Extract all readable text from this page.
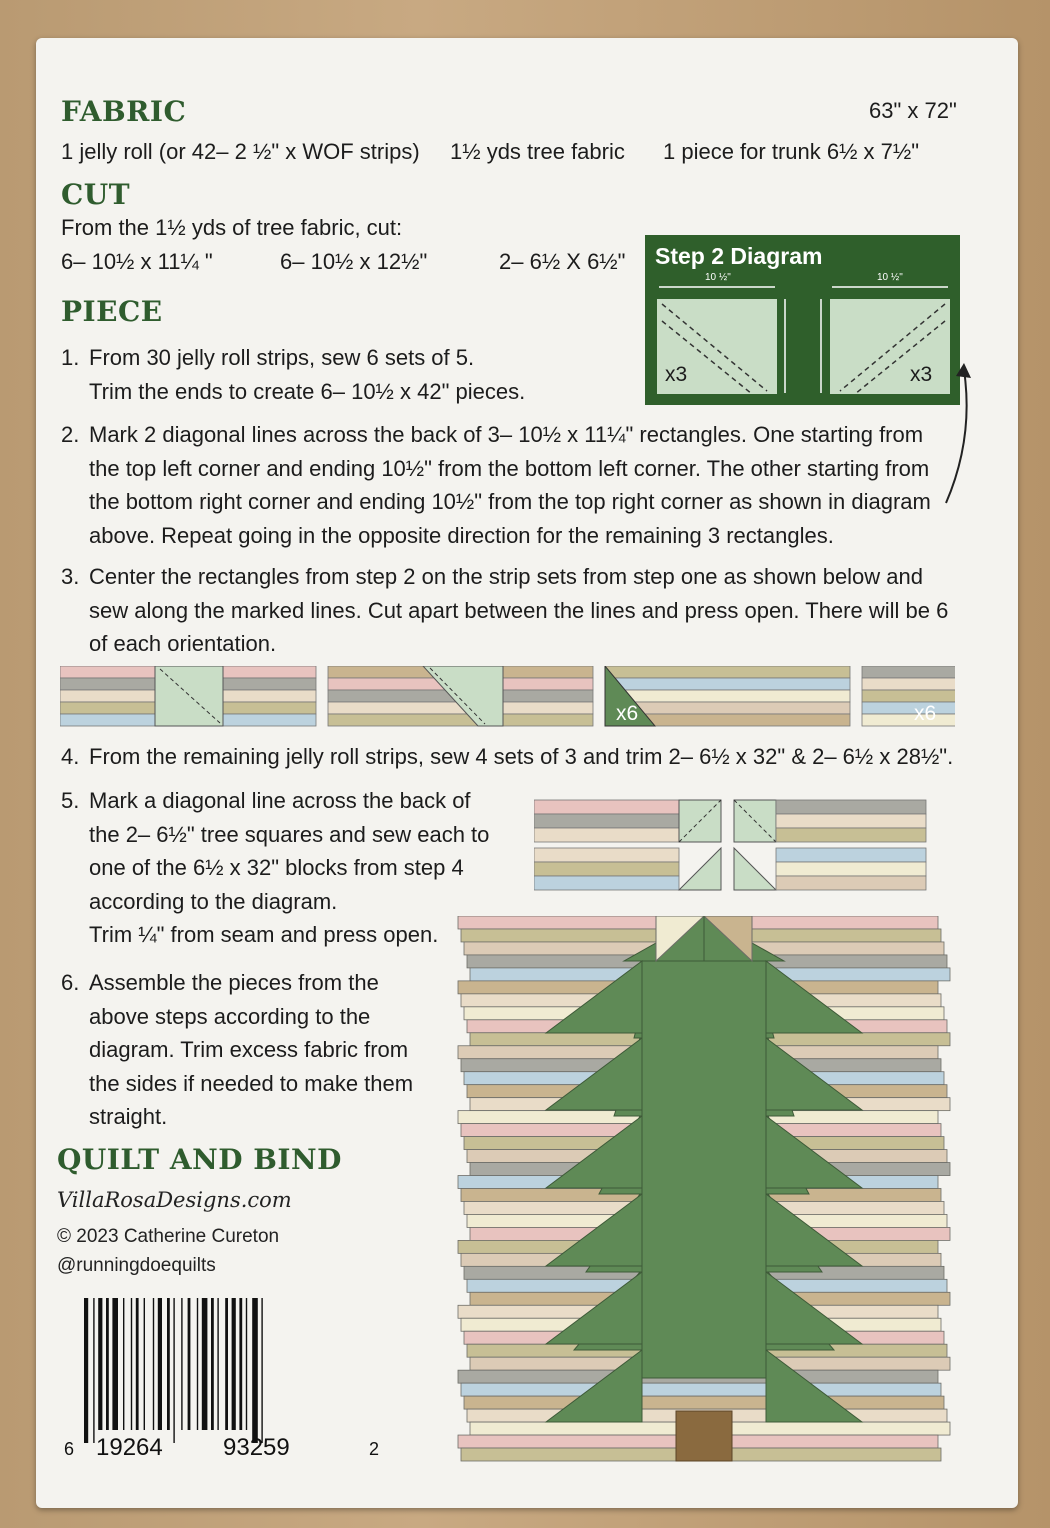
FABRIC	63" x 72"
1 jelly roll (or 42– 2 ½" x WOF strips) 1½ yds tree fabric 1 piece for trunk 6½ x 7½"
CUT
From the 1½ yds of tree fabric, cut:
6– 10½ x 11¼ "	6– 10½ x 12½"	2– 6½ X 6½"
PIECE
Step 2 Diagram
x3	x3
10 ½"	10 ½"
1. From 30 jelly roll strips, sew 6 sets of 5.
Trim the ends to create 6– 10½ x 42" pieces.
2. Mark 2 diagonal lines across the back of 3– 10½ x 11¼" rectangles. One starting from
the top left corner and ending 10½" from the bottom left corner. The other starting from
the bottom right corner and ending 10½" from the top right corner as shown in diagram
above. Repeat going in the opposite direction for the remaining 3 rectangles.
3. Center the rectangles from step 2 on the strip sets from step one as shown below and
sew along the marked lines. Cut apart between the lines and press open. There will be 6
of each orientation.
x6	x6
4. From the remaining jelly roll strips, sew 4 sets of 3 and trim 2– 6½ x 32" & 2– 6½ x 28½".
5. Mark a diagonal line across the back of
the 2– 6½" tree squares and sew each to
one of the 6½ x 32" blocks from step 4
according to the diagram.
Trim ¼" from seam and press open.
6. Assemble the pieces from the
above steps according to the
diagram. Trim excess fabric from
the sides if needed to make them
straight.
QUILT AND BIND
VillaRosaDesigns.com
© 2023 Catherine Cureton
@runningdoequilts
6 19264	93259	2
